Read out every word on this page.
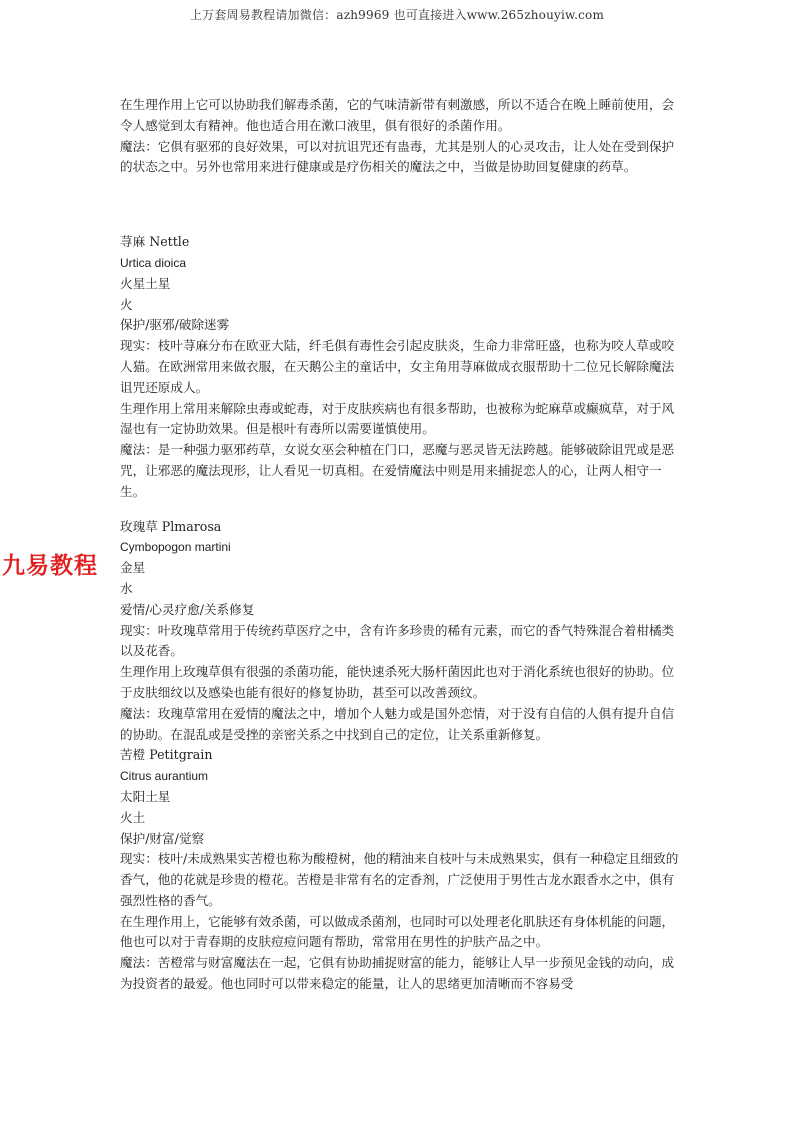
上万套周易教程请加微信：azh9969 也可直接进入www.265zhouyiw.com
九易教程

在生理作用上它可以协助我们解毒杀菌，它的气味清新带有刺激感，所以不适合在晚上睡前使用，会令人感觉到太有精神。他也适合用在漱口液里，俱有很好的杀菌作用。

魔法：它俱有驱邪的良好效果，可以对抗诅咒还有蛊毒，尤其是别人的心灵攻击，让人处在受到保护的状态之中。另外也常用来进行健康或是疗伤相关的魔法之中，当做是协助回复健康的药草。

荨麻 Nettle

Urtica dioica

火星土星

火

保护/驱邪/破除迷雾

现实：枝叶荨麻分布在欧亚大陆，纤毛俱有毒性会引起皮肤炎，生命力非常旺盛，也称为咬人草或咬人猫。在欧洲常用来做衣服，在天鹅公主的童话中，女主角用荨麻做成衣服帮助十二位兄长解除魔法诅咒还原成人。

生理作用上常用来解除虫毒或蛇毒，对于皮肤疾病也有很多帮助，也被称为蛇麻草或癫疯草，对于风湿也有一定协助效果。但是根叶有毒所以需要谨慎使用。

魔法：是一种强力驱邪药草，女说女巫会种植在门口，恶魔与恶灵皆无法跨越。能够破除诅咒或是恶咒，让邪恶的魔法现形，让人看见一切真相。在爱情魔法中则是用来捕捉恋人的心，让两人相守一生。

玫瑰草 Plmarosa

Cymbopogon martini

金星

水

爱情/心灵疗愈/关系修复

现实：叶玫瑰草常用于传统药草医疗之中，含有许多珍贵的稀有元素，而它的香气特殊混合着柑橘类以及花香。

生理作用上玫瑰草俱有很强的杀菌功能，能快速杀死大肠杆菌因此也对于消化系统也很好的协助。位于皮肤细纹以及感染也能有很好的修复协助，甚至可以改善颈纹。

魔法：玫瑰草常用在爱情的魔法之中，增加个人魅力或是国外恋情，对于没有自信的人俱有提升自信的协助。在混乱或是受挫的亲密关系之中找到自己的定位，让关系重新修复。

苦橙 Petitgrain

Citrus aurantium

太阳土星

火土

保护/财富/觉察

现实：枝叶/未成熟果实苦橙也称为酸橙树，他的精油来自枝叶与未成熟果实，俱有一种稳定且细致的香气，他的花就是珍贵的橙花。苦橙是非常有名的定香剂，广泛使用于男性古龙水跟香水之中，俱有强烈性格的香气。

在生理作用上，它能够有效杀菌，可以做成杀菌剂，也同时可以处理老化肌肤还有身体机能的问题，他也可以对于青春期的皮肤痘痘问题有帮助，常常用在男性的护肤产品之中。

魔法：苦橙常与财富魔法在一起，它俱有协助捕捉财富的能力，能够让人早一步预见金钱的动向，成为投资者的最爱。他也同时可以带来稳定的能量，让人的思绪更加清晰而不容易受
